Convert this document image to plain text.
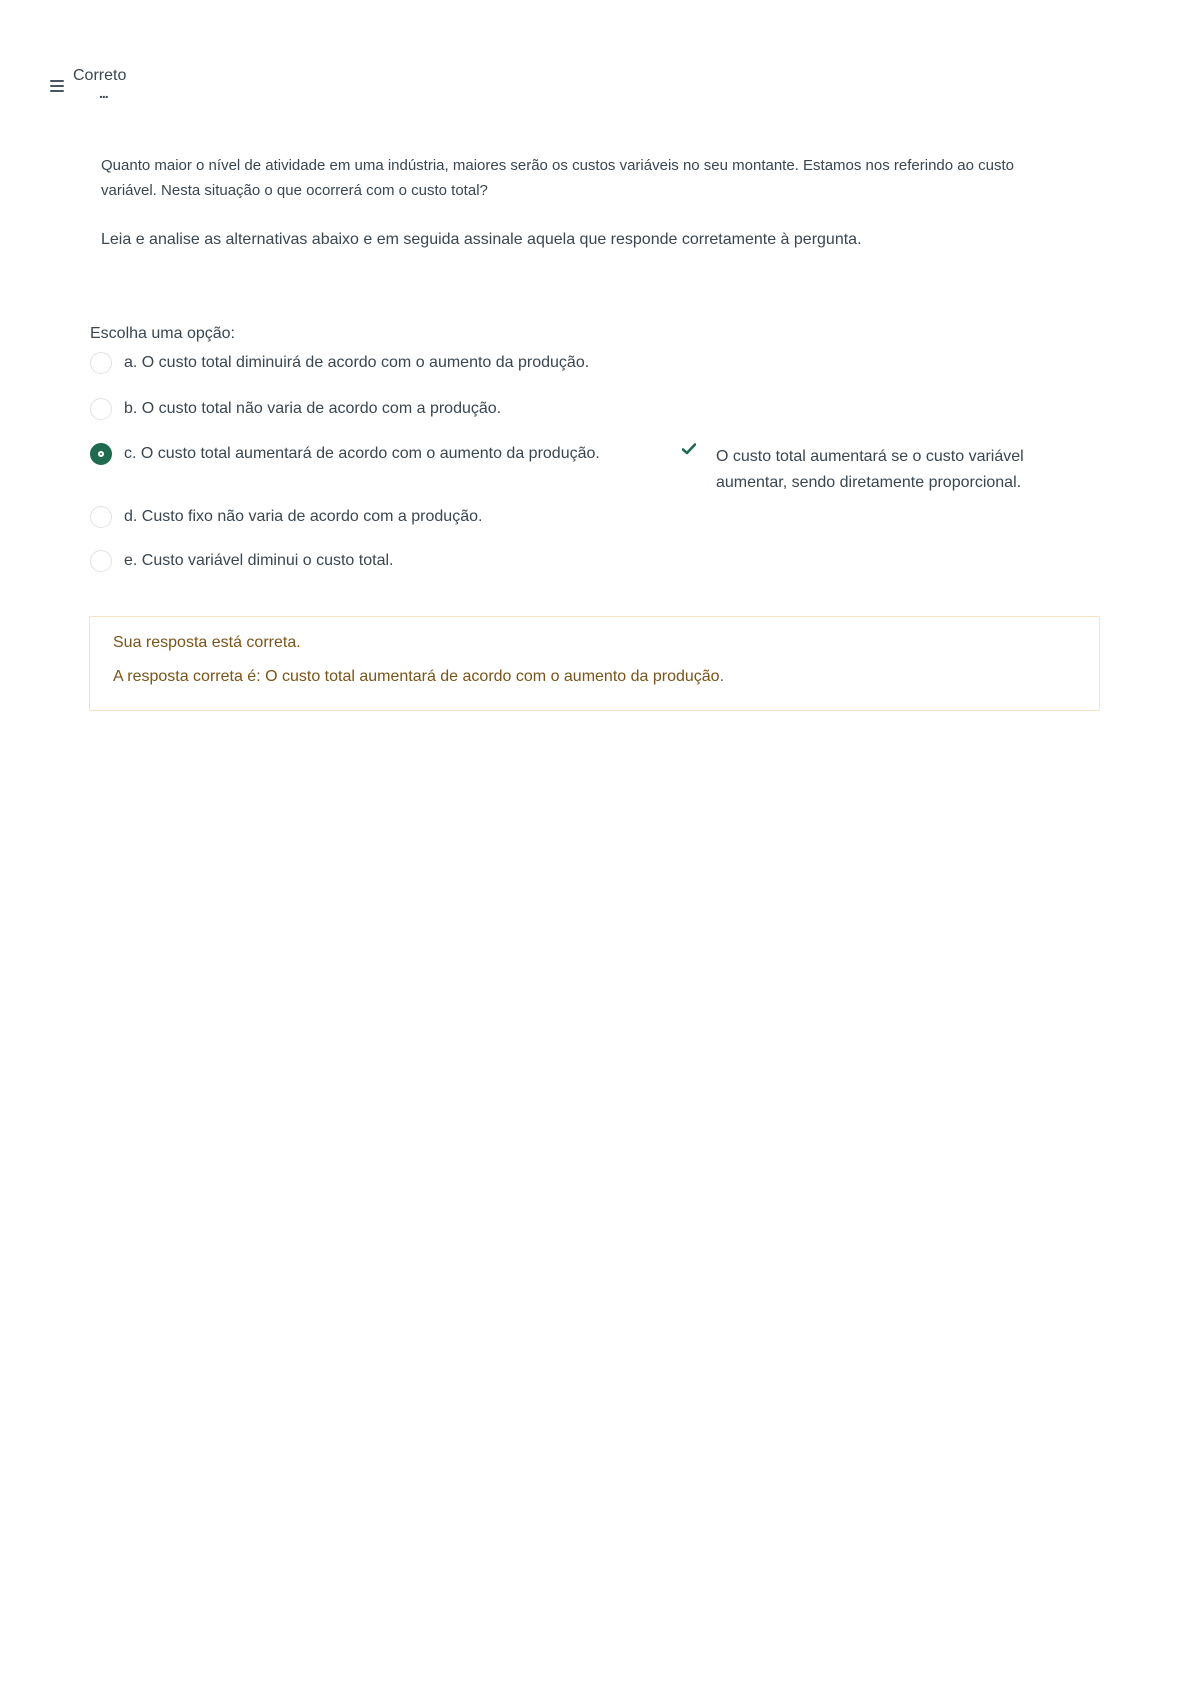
Correto
...

Quanto maior o nível de atividade em uma indústria, maiores serão os custos variáveis no seu montante. Estamos nos referindo ao custo variável. Nesta situação o que ocorrerá com o custo total?

Leia e analise as alternativas abaixo e em seguida assinale aquela que responde corretamente à pergunta.

Escolha uma opção:
a. O custo total diminuirá de acordo com o aumento da produção.
b. O custo total não varia de acordo com a produção.
c. O custo total aumentará de acordo com o aumento da produção.
d. Custo fixo não varia de acordo com a produção.
e. Custo variável diminui o custo total.
O custo total aumentará se o custo variável aumentar, sendo diretamente proporcional.

Sua resposta está correta.

A resposta correta é: O custo total aumentará de acordo com o aumento da produção.
